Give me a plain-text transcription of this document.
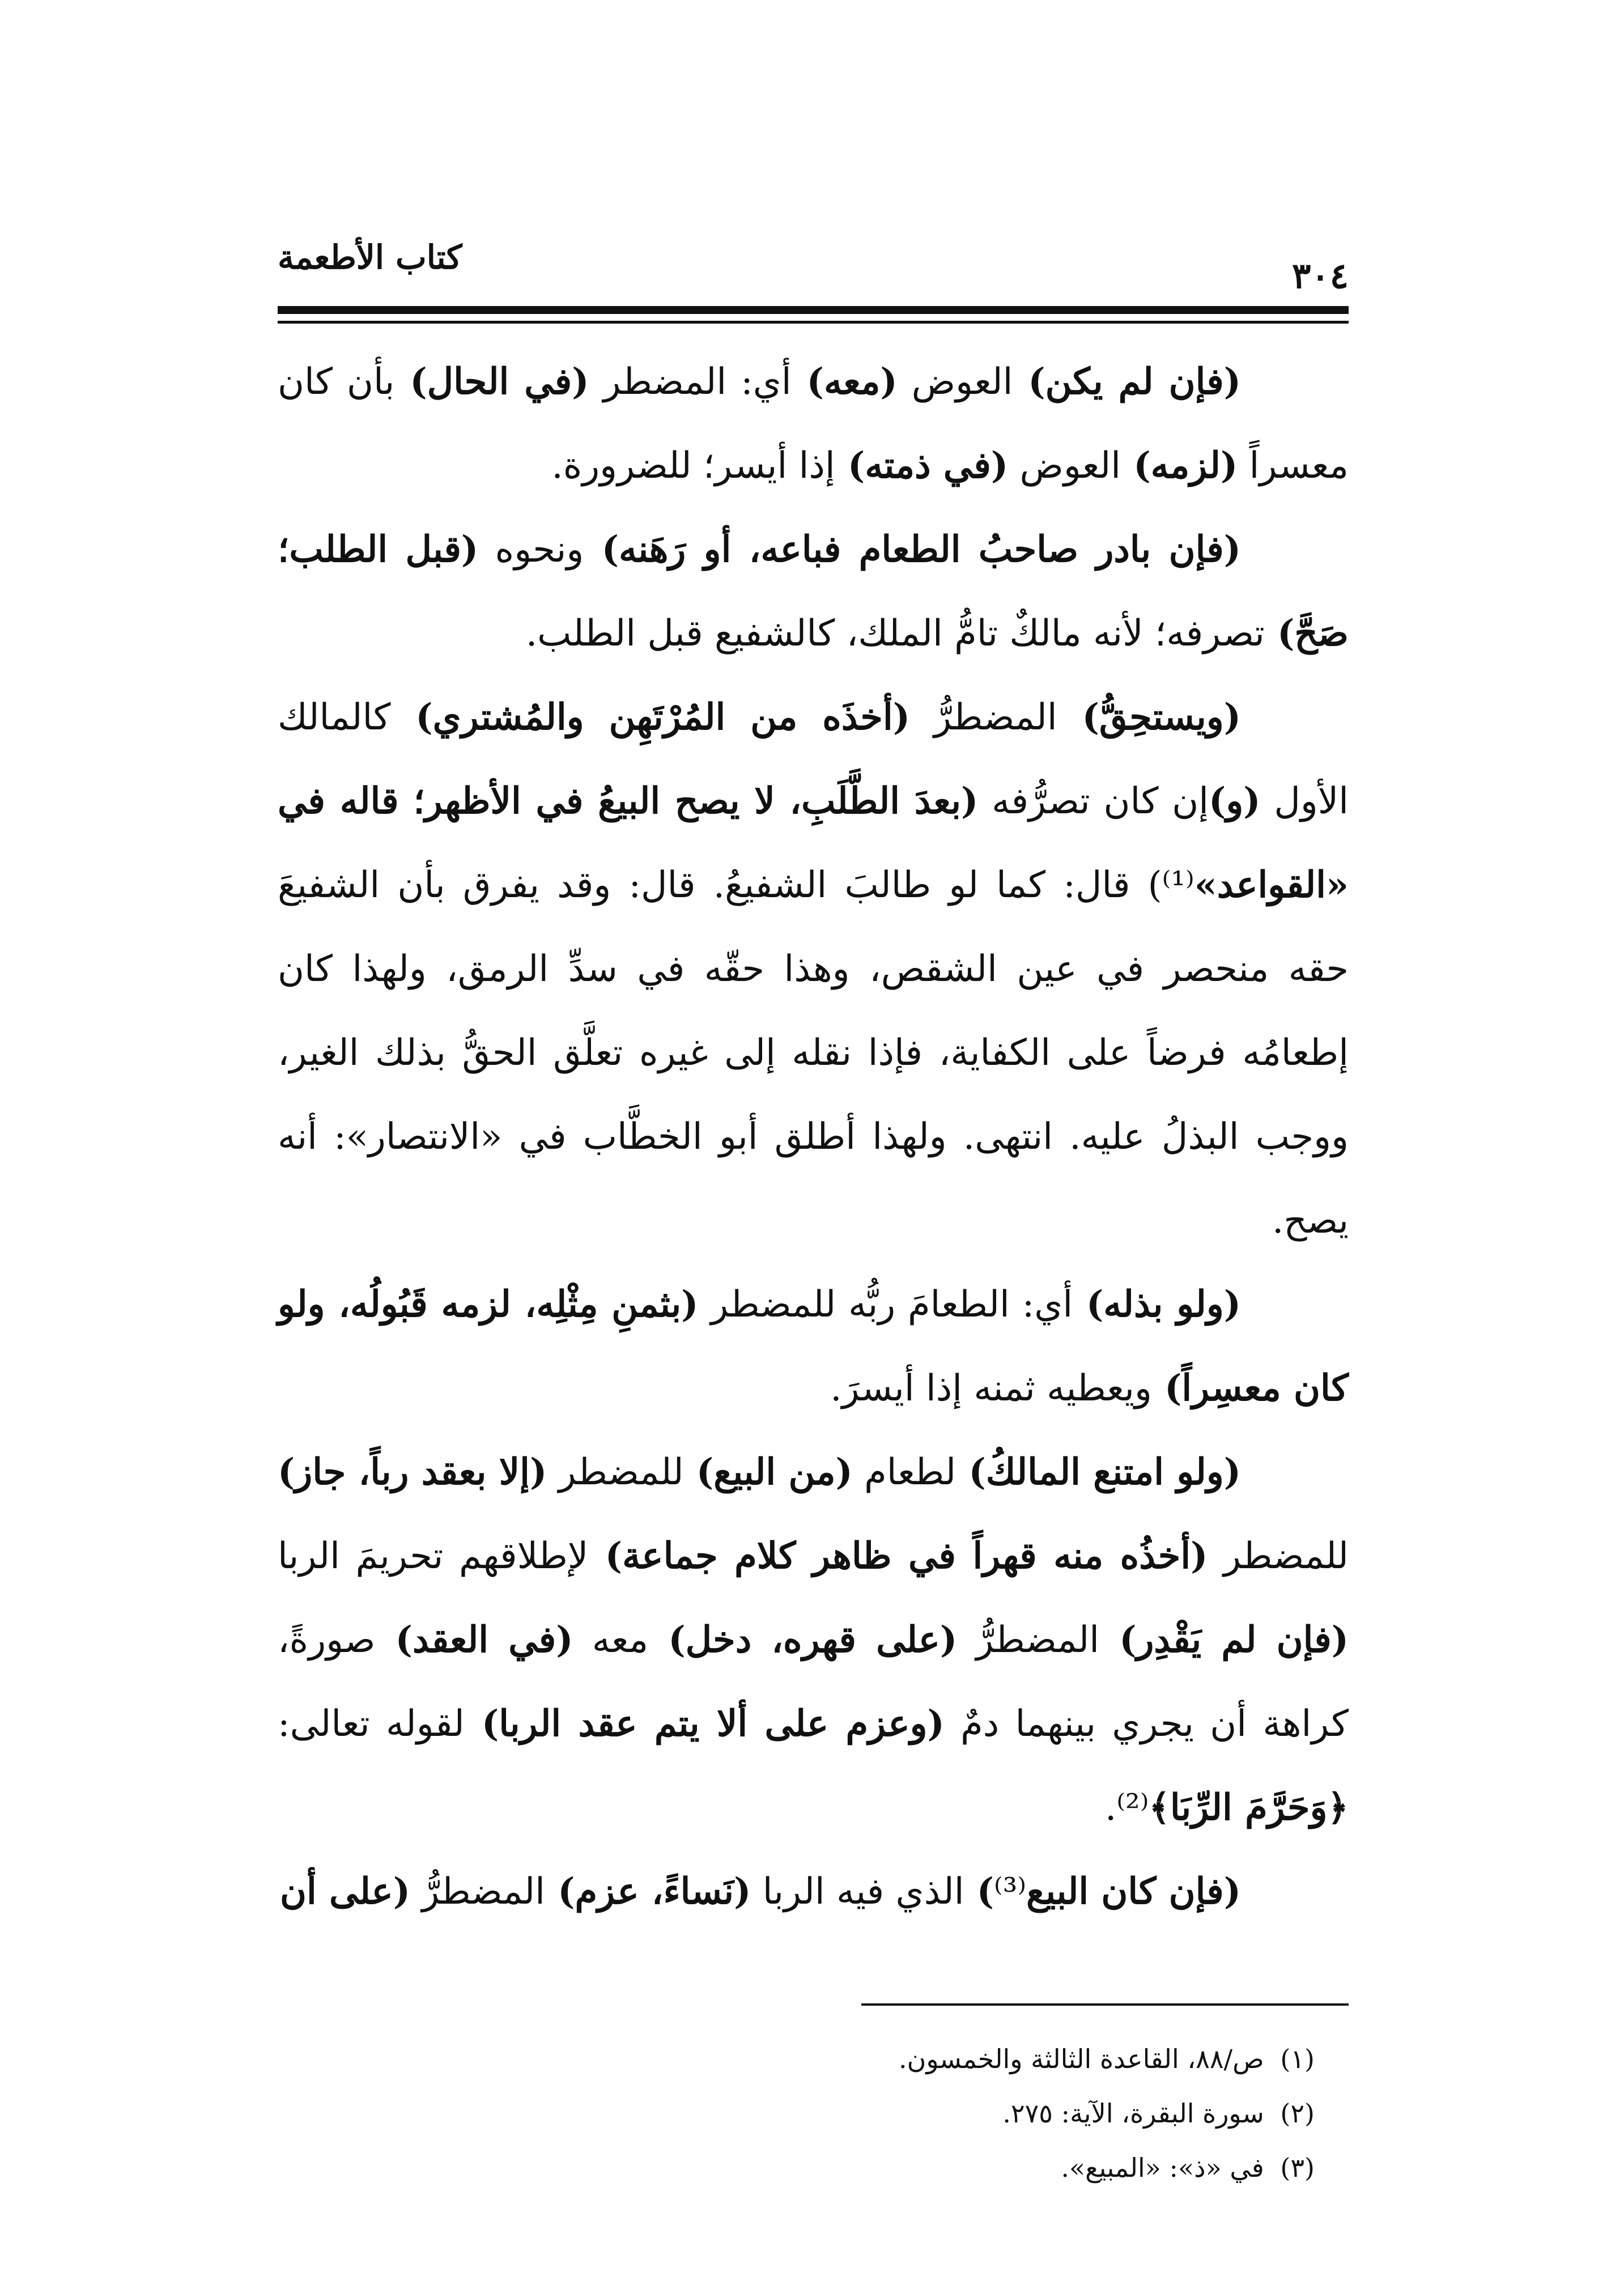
كتاب الأطعمة	٣٠٤

(فإن لم يكن) العوض (معه) أي: المضطر (في الحال) بأن كان معسراً (لزمه) العوض (في ذمته) إذا أيسر؛ للضرورة.

(فإن بادر صاحبُ الطعام فباعه، أو رَهَنه) ونحوه (قبل الطلب؛ صَحَّ) تصرفه؛ لأنه مالكٌ تامُّ الملك، كالشفيع قبل الطلب.

(ويستحِقُّ) المضطرُّ (أخذَه من المُرْتَهِن والمُشتري) كالمالك الأول (و)إن كان تصرُّفه (بعدَ الطَّلَبِ، لا يصح البيعُ في الأظهر؛ قاله في «القواعد»⁽¹⁾) قال: كما لو طالبَ الشفيعُ. قال: وقد يفرق بأن الشفيعَ حقه منحصر في عين الشقص، وهذا حقّه في سدِّ الرمق، ولهذا كان إطعامُه فرضاً على الكفاية، فإذا نقله إلى غيره تعلَّق الحقُّ بذلك الغير، ووجب البذلُ عليه. انتهى. ولهذا أطلق أبو الخطَّاب في «الانتصار»: أنه يصح.

(ولو بذله) أي: الطعامَ ربُّه للمضطر (بثمنِ مِثْلِه، لزمه قَبُولُه، ولو كان معسِراً) ويعطيه ثمنه إذا أيسرَ.

(ولو امتنع المالكُ) لطعام (من البيع) للمضطر (إلا بعقد رباً، جاز) للمضطر (أخذُه منه قهراً في ظاهر كلام جماعة) لإطلاقهم تحريمَ الربا (فإن لم يَقْدِر) المضطرُّ (على قهره، دخل) معه (في العقد) صورةً، كراهة أن يجري بينهما دمٌ (وعزم على ألا يتم عقد الربا) لقوله تعالى: ﴿وَحَرَّمَ الرِّبَا﴾⁽²⁾.

(فإن كان البيع⁽³⁾) الذي فيه الربا (نَساءً، عزم) المضطرُّ (على أن

(١) ص/٨٨، القاعدة الثالثة والخمسون.

(٢) سورة البقرة، الآية: ٢٧٥.

(٣) في «ذ»: «المبيع».
